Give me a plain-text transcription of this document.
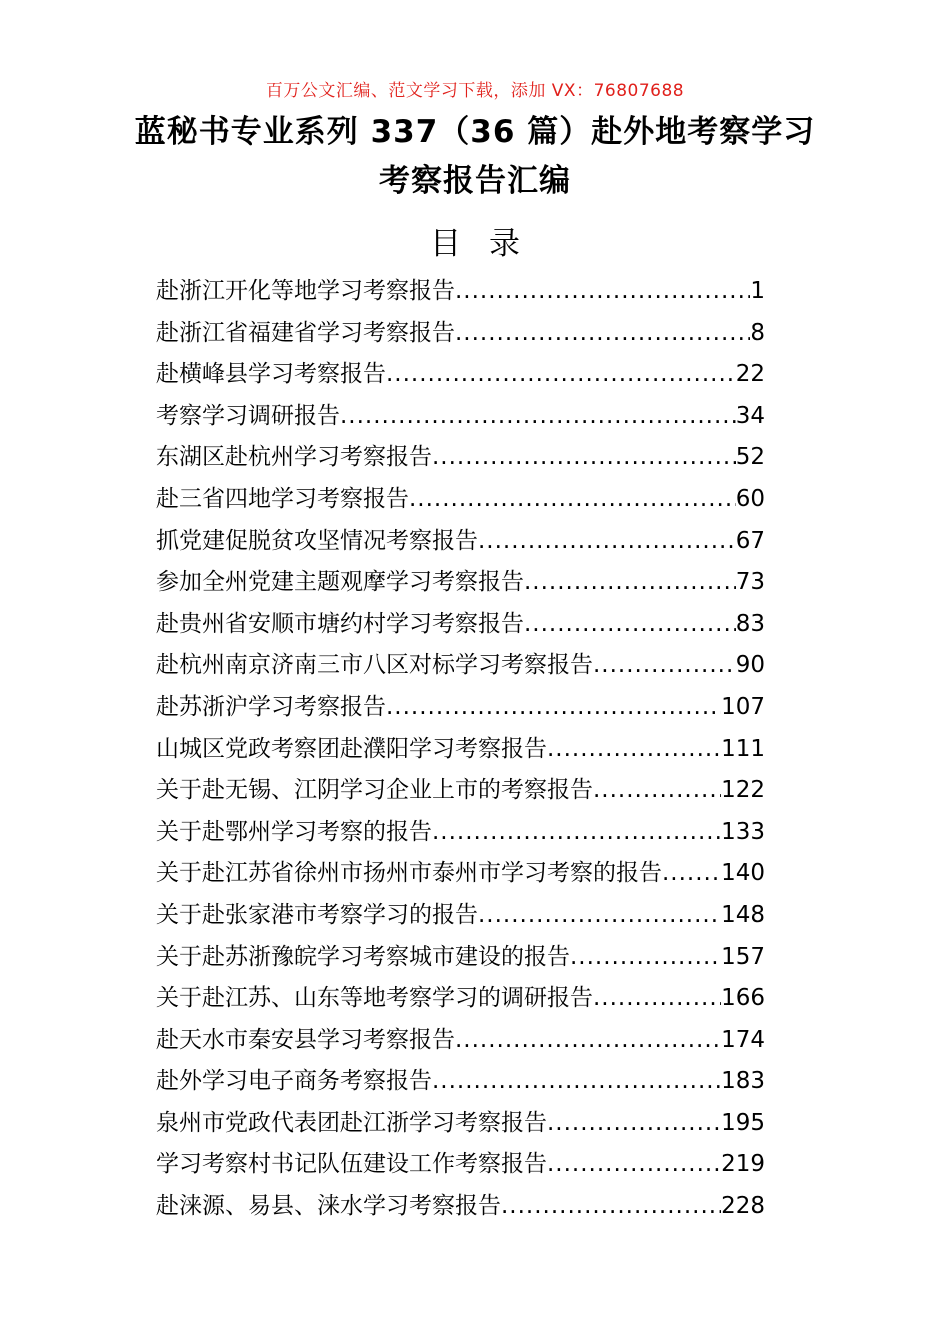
百万公文汇编、范文学习下载，添加 VX：76807688
蓝秘书专业系列 337（36 篇）赴外地考察学习
考察报告汇编
目录
赴浙江开化等地学习考察报告 .....	1
赴浙江省福建省学习考察报告 .....	8
赴横峰县学习考察报告 .....	22
考察学习调研报告 .....	34
东湖区赴杭州学习考察报告 .....	52
赴三省四地学习考察报告 .....	60
抓党建促脱贫攻坚情况考察报告 .....	67
参加全州党建主题观摩学习考察报告 .....	73
赴贵州省安顺市塘约村学习考察报告 .....	83
赴杭州南京济南三市八区对标学习考察报告 .....	90
赴苏浙沪学习考察报告 .....	107
山城区党政考察团赴濮阳学习考察报告 .....	111
关于赴无锡、江阴学习企业上市的考察报告 .....	122
关于赴鄂州学习考察的报告 .....	133
关于赴江苏省徐州市扬州市泰州市学习考察的报告 .....	140
关于赴张家港市考察学习的报告 .....	148
关于赴苏浙豫皖学习考察城市建设的报告 .....	157
关于赴江苏、山东等地考察学习的调研报告 .....	166
赴天水市秦安县学习考察报告 .....	174
赴外学习电子商务考察报告 .....	183
泉州市党政代表团赴江浙学习考察报告 .....	195
学习考察村书记队伍建设工作考察报告 .....	219
赴涞源、易县、涞水学习考察报告 .....	228
